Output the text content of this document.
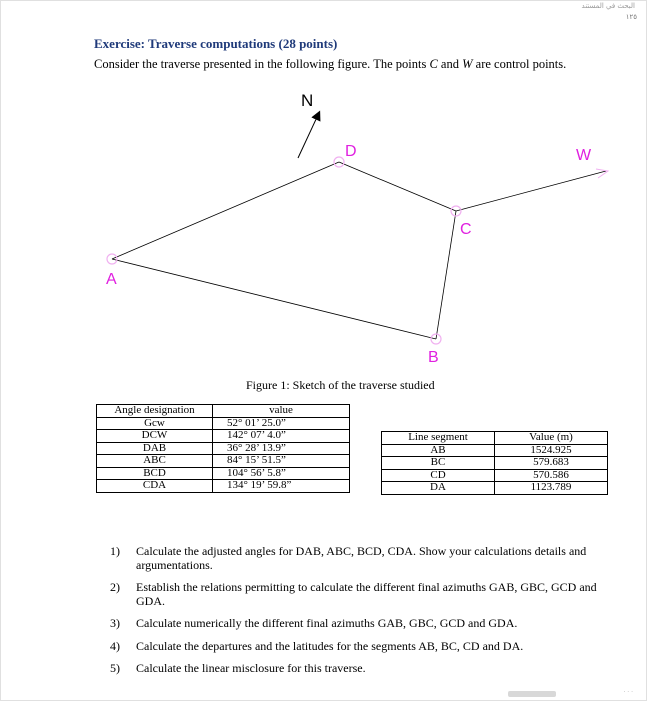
البحث في المستند
١٢٥
Exercise: Traverse computations (28 points)
Consider the traverse presented in the following figure. The points C and W are control points.
N
A
B
C
D	W
Figure 1: Sketch of the traverse studied
Angle designation	value
Gcw	52° 01’ 25.0”
DCW	142° 07’ 4.0”
DAB	36° 28’ 13.9”
ABC	84° 15’ 51.5”
BCD	104° 56’ 5.8”
CDA	134° 19’ 59.8”
Line segment	Value (m)
AB	1524.925
BC	579.683
CD	570.586
DA	1123.789
1) Calculate the adjusted angles for DAB, ABC, BCD, CDA. Show your calculations details and argumentations.
2) Establish the relations permitting to calculate the different final azimuths GAB, GBC, GCD and GDA.
3) Calculate numerically the different final azimuths GAB, GBC, GCD and GDA.
4) Calculate the departures and the latitudes for the segments AB, BC, CD and DA.
5) Calculate the linear misclosure for this traverse.
· · ·
